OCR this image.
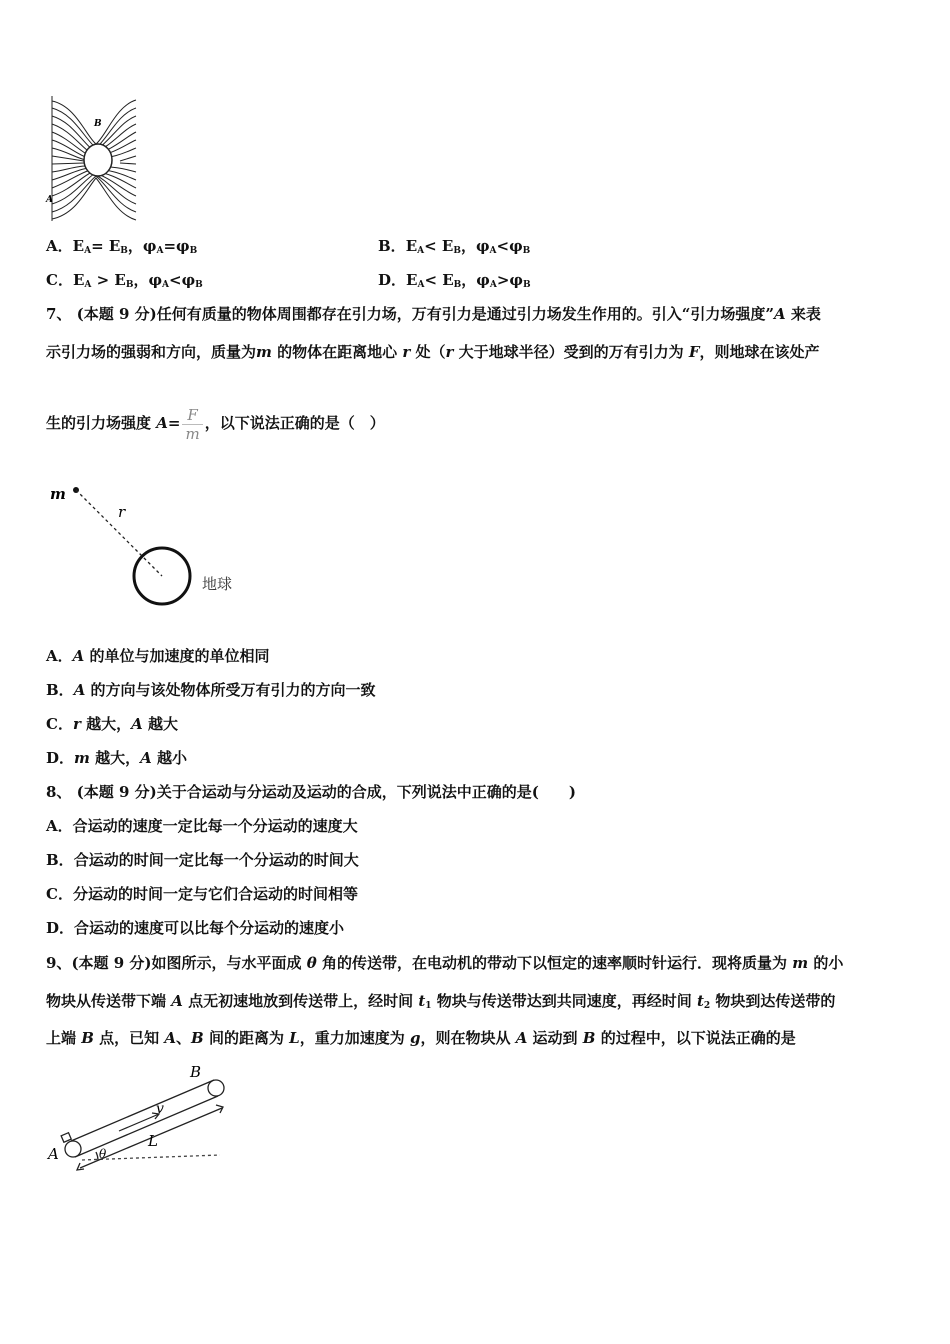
B
A
A．$E_A= E_B$，$\varphi_A=\varphi_B$	B．$E_A< E_B$，$\varphi_A<\varphi_B$
C．$E_A > E_B$，$\varphi_A<\varphi_B$	D．$E_A< E_B$，$\varphi_A>\varphi_B$
7、 (本题 9 分)任何有质量的物体周围都存在引力场，万有引力是通过引力场发生作用的。引入“引力场强度”A 来表
示引力场的强弱和方向，质量为m 的物体在距离地心 r 处（r 大于地球半径）受到的万有引力为 F，则地球在该处产
生的引力场强度 $A= \frac{F}{m}$ ，以下说法正确的是（　）
m
r
地球
A．A 的单位与加速度的单位相同
B．A 的方向与该处物体所受万有引力的方向一致
C．r 越大，A 越大
D．m 越大，A 越小
8、 (本题 9 分)关于合运动与分运动及运动的合成，下列说法中正确的是(　　)
A．合运动的速度一定比每一个分运动的速度大
B．合运动的时间一定比每一个分运动的时间大
C．分运动的时间一定与它们合运动的时间相等
D．合运动的速度可以比每个分运动的速度小
9、(本题 9 分)如图所示，与水平面成 θ 角的传送带，在电动机的带动下以恒定的速率顺时针运行．现将质量为 m 的小
物块从传送带下端 A 点无初速地放到传送带上，经时间 $t_1$ 物块与传送带达到共同速度，再经时间 $t_2$ 物块到达传送带的
上端 B 点，已知 A、B 间的距离为 L，重力加速度为 g，则在物块从 A 运动到 B 的过程中，以下说法正确的是
A
B
v
L
θ
